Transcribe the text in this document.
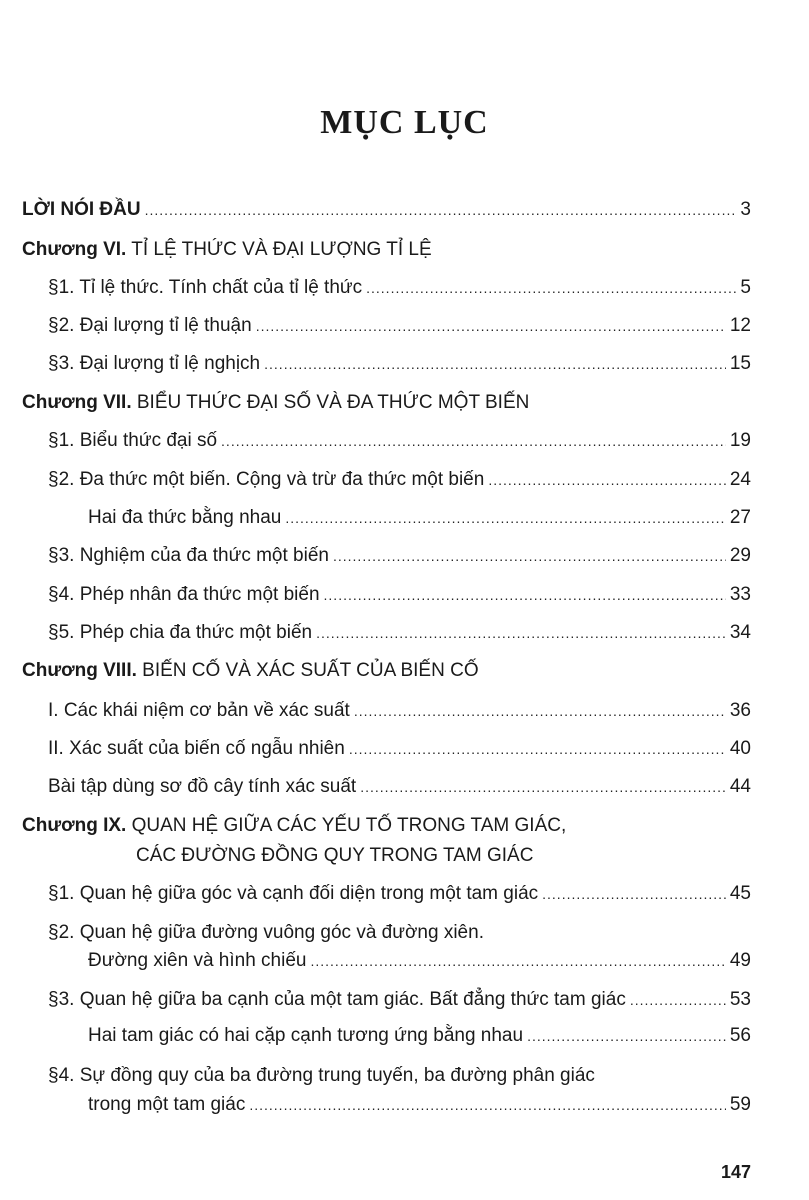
MỤC LỤC
LỜI NÓI ĐẦU .....	3
Chương VI. TỈ LỆ THỨC VÀ ĐẠI LƯỢNG TỈ LỆ
§1. Tỉ lệ thức. Tính chất của tỉ lệ thức .....	5
§2. Đại lượng tỉ lệ thuận .....	12
§3. Đại lượng tỉ lệ nghịch .....	15
Chương VII. BIỂU THỨC ĐẠI SỐ VÀ ĐA THỨC MỘT BIẾN
§1. Biểu thức đại số .....	19
§2. Đa thức một biến. Cộng và trừ đa thức một biến .....	24
Hai đa thức bằng nhau .....	27
§3. Nghiệm của đa thức một biến .....	29
§4. Phép nhân đa thức một biến .....	33
§5. Phép chia đa thức một biến .....	34
Chương VIII. BIẾN CỐ VÀ XÁC SUẤT CỦA BIẾN CỐ
I. Các khái niệm cơ bản về xác suất .....	36
II. Xác suất của biến cố ngẫu nhiên .....	40
Bài tập dùng sơ đồ cây tính xác suất .....	44
Chương IX. QUAN HỆ GIỮA CÁC YẾU TỐ TRONG TAM GIÁC,
CÁC ĐƯỜNG ĐỒNG QUY TRONG TAM GIÁC
§1. Quan hệ giữa góc và cạnh đối diện trong một tam giác .....	45
§2. Quan hệ giữa đường vuông góc và đường xiên.
Đường xiên và hình chiếu .....	49
§3. Quan hệ giữa ba cạnh của một tam giác. Bất đẳng thức tam giác .....	53
Hai tam giác có hai cặp cạnh tương ứng bằng nhau .....	56
§4. Sự đồng quy của ba đường trung tuyến, ba đường phân giác
trong một tam giác .....	59
147
